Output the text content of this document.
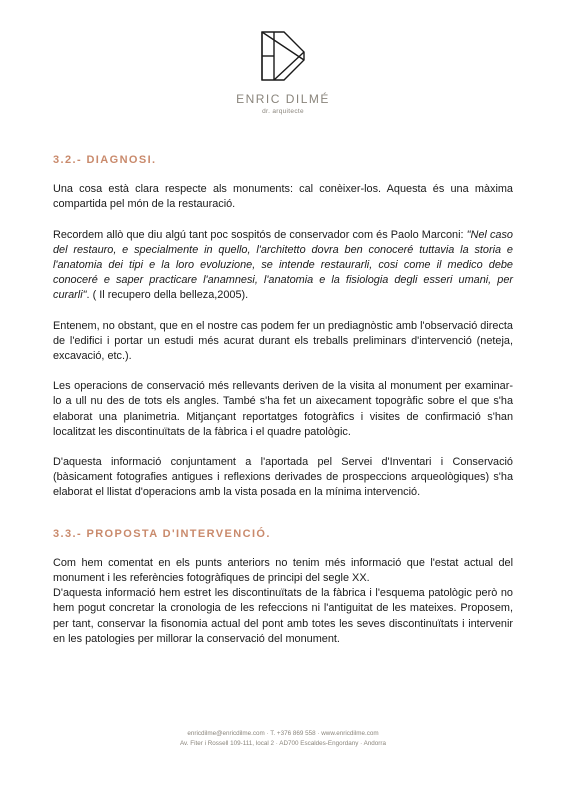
ENRIC DILMÉ
dr. arquitecte
3.2.- DIAGNOSI.

Una cosa està clara respecte als monuments: cal conèixer-los. Aquesta és una màxima compartida pel món de la restauració.

Recordem allò que diu algú tant poc sospitós de conservador com és Paolo Marconi: "Nel caso del restauro, e specialmente in quello, l'architetto dovra ben conoceré tuttavia la storia e l'anatomia dei tipi e la loro evoluzione, se intende restaurarli, cosi come il medico debe conoceré e saper practicare l'anamnesi, l'anatomia e la fisiologia degli esseri umani, per curarli". ( Il recupero della belleza,2005).

Entenem, no obstant, que en el nostre cas podem fer un prediagnòstic amb l'observació directa de l'edifici i portar un estudi més acurat durant els treballs preliminars d'intervenció (neteja, excavació, etc.).

Les operacions de conservació més rellevants deriven de la visita al monument per examinar-lo a ull nu des de tots els angles. També s'ha fet un aixecament topogràfic sobre el que s'ha elaborat una planimetria. Mitjançant reportatges fotogràfics i visites de confirmació s'han localitzat les discontinuïtats de la fàbrica i el quadre patològic.

D'aquesta informació conjuntament a l'aportada pel Servei d'Inventari i Conservació (bàsicament fotografies antigues i reflexions derivades de prospeccions arqueològiques) s'ha elaborat el llistat d'operacions amb la vista posada en la mínima intervenció.

3.3.- PROPOSTA D'INTERVENCIÓ.

Com hem comentat en els punts anteriors no tenim més informació que l'estat actual del monument i les referències fotogràfiques de principi del segle XX.

D'aquesta informació hem estret les discontinuïtats de la fàbrica i l'esquema patològic però no hem pogut concretar la cronologia de les refeccions ni l'antiguitat de les mateixes. Proposem, per tant, conservar la fisonomia actual del pont amb totes les seves discontinuïtats i intervenir en les patologies per millorar la conservació del monument.

enricdilme@enricdilme.com · T. +376 869 558 · www.enricdilme.com
Av. Fiter i Rossell 109-111, local 2 · AD700 Escaldes-Engordany · Andorra
